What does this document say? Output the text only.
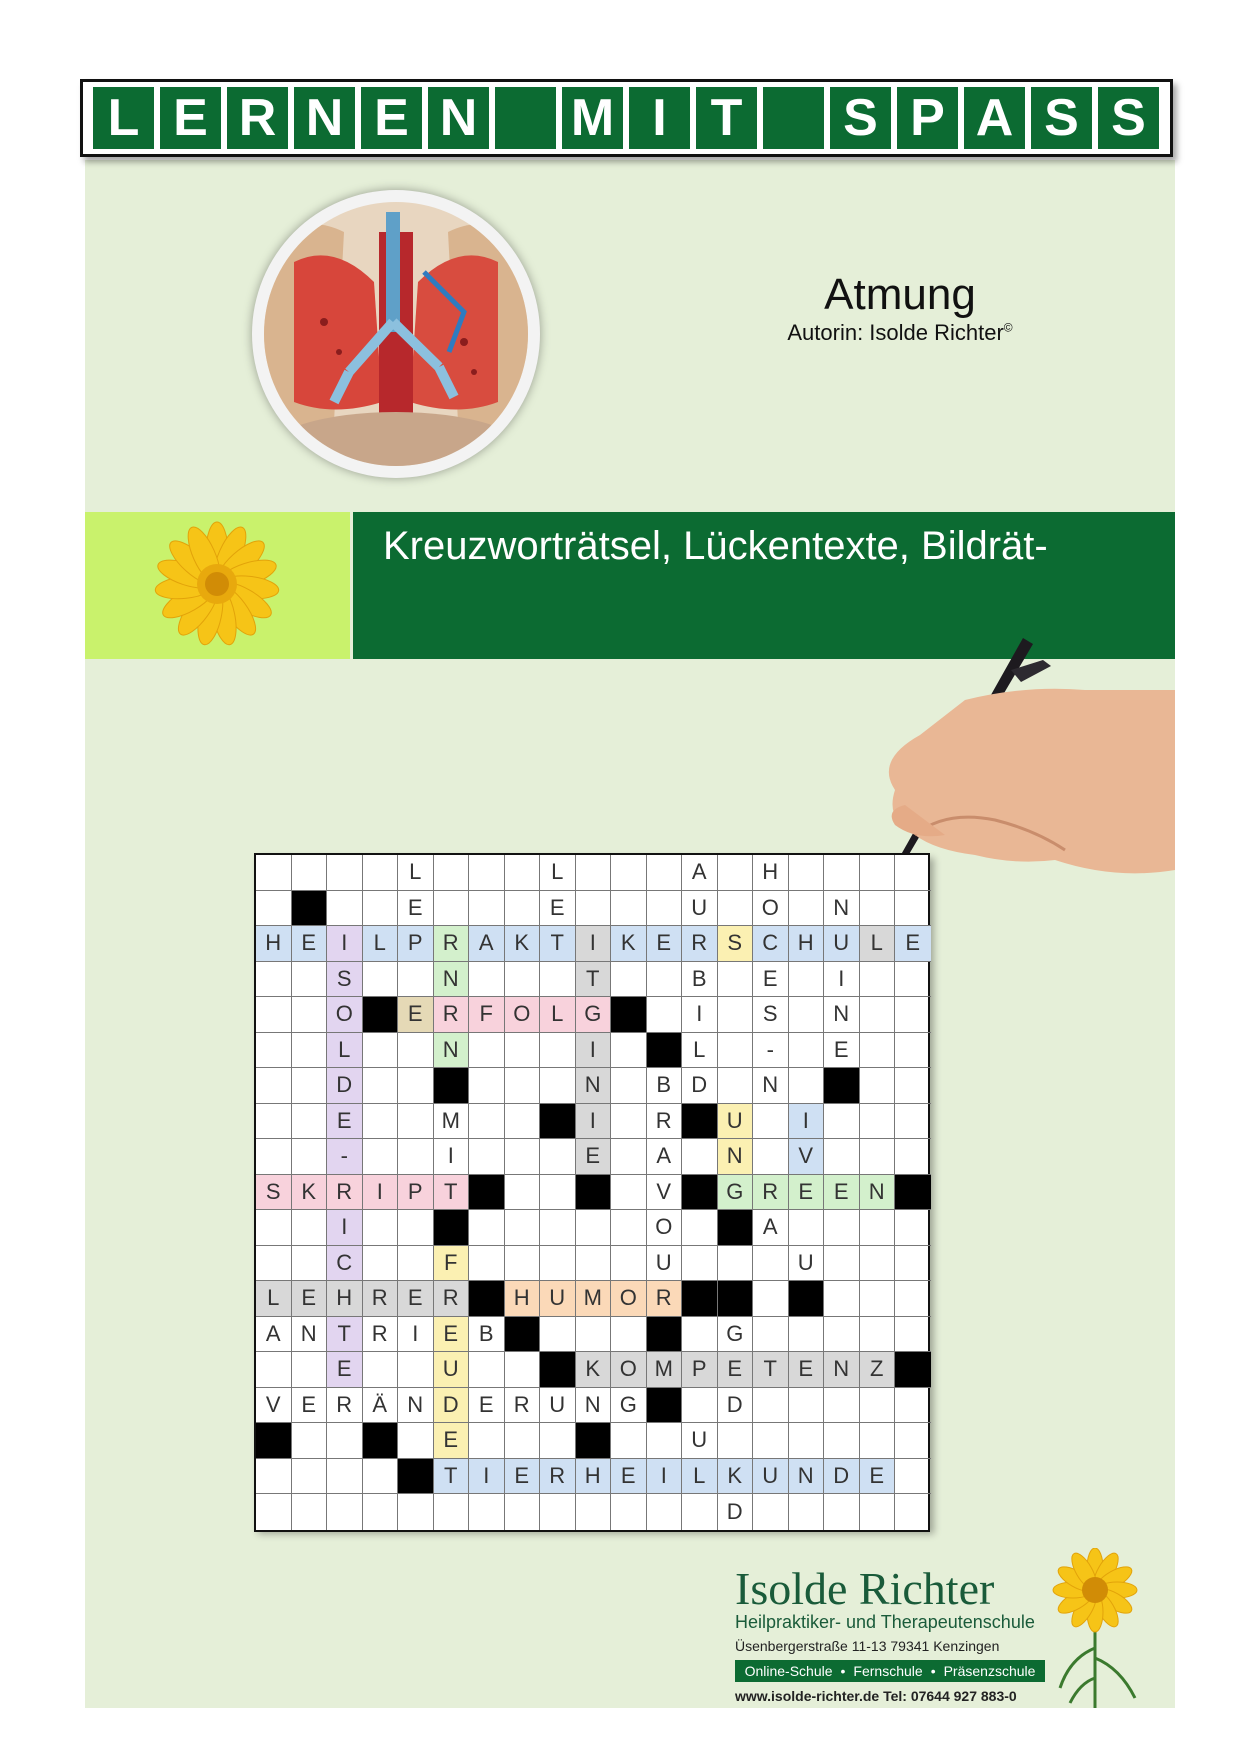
L E R N E N M I T S P A S S
Atmung
Autorin: Isolde Richter©
Kreuzworträtsel, Lückentexte, Bildrät-
L	L	A	H
E	E	U	O	N
H E	I	L	P R A K T	I	K E R S C H U L	E
S	N	T	B	E	I
O	E R F O L G	I	S	N
L	N	I	L	-	E
D	N	B D	N
E	M	I	R	U	I
-	I	E	A	N	V
S K R	I	P T	V	G R E E N
I	O	A
C	F	U	U
L	E H R E R	H U M O R
A N T R	I	E B	G
E	U	K O M P E T E N Z
V E R Ä N D E R U N G	D
E	U
T	I	E R H E	I	L	K U N D E
D
Isolde Richter
Heilpraktiker- und Therapeutenschule
Üsenbergerstraße 11-13 79341 Kenzingen
Online-Schule • Fernschule • Präsenzschule
www.isolde-richter.de Tel: 07644 927 883-0
